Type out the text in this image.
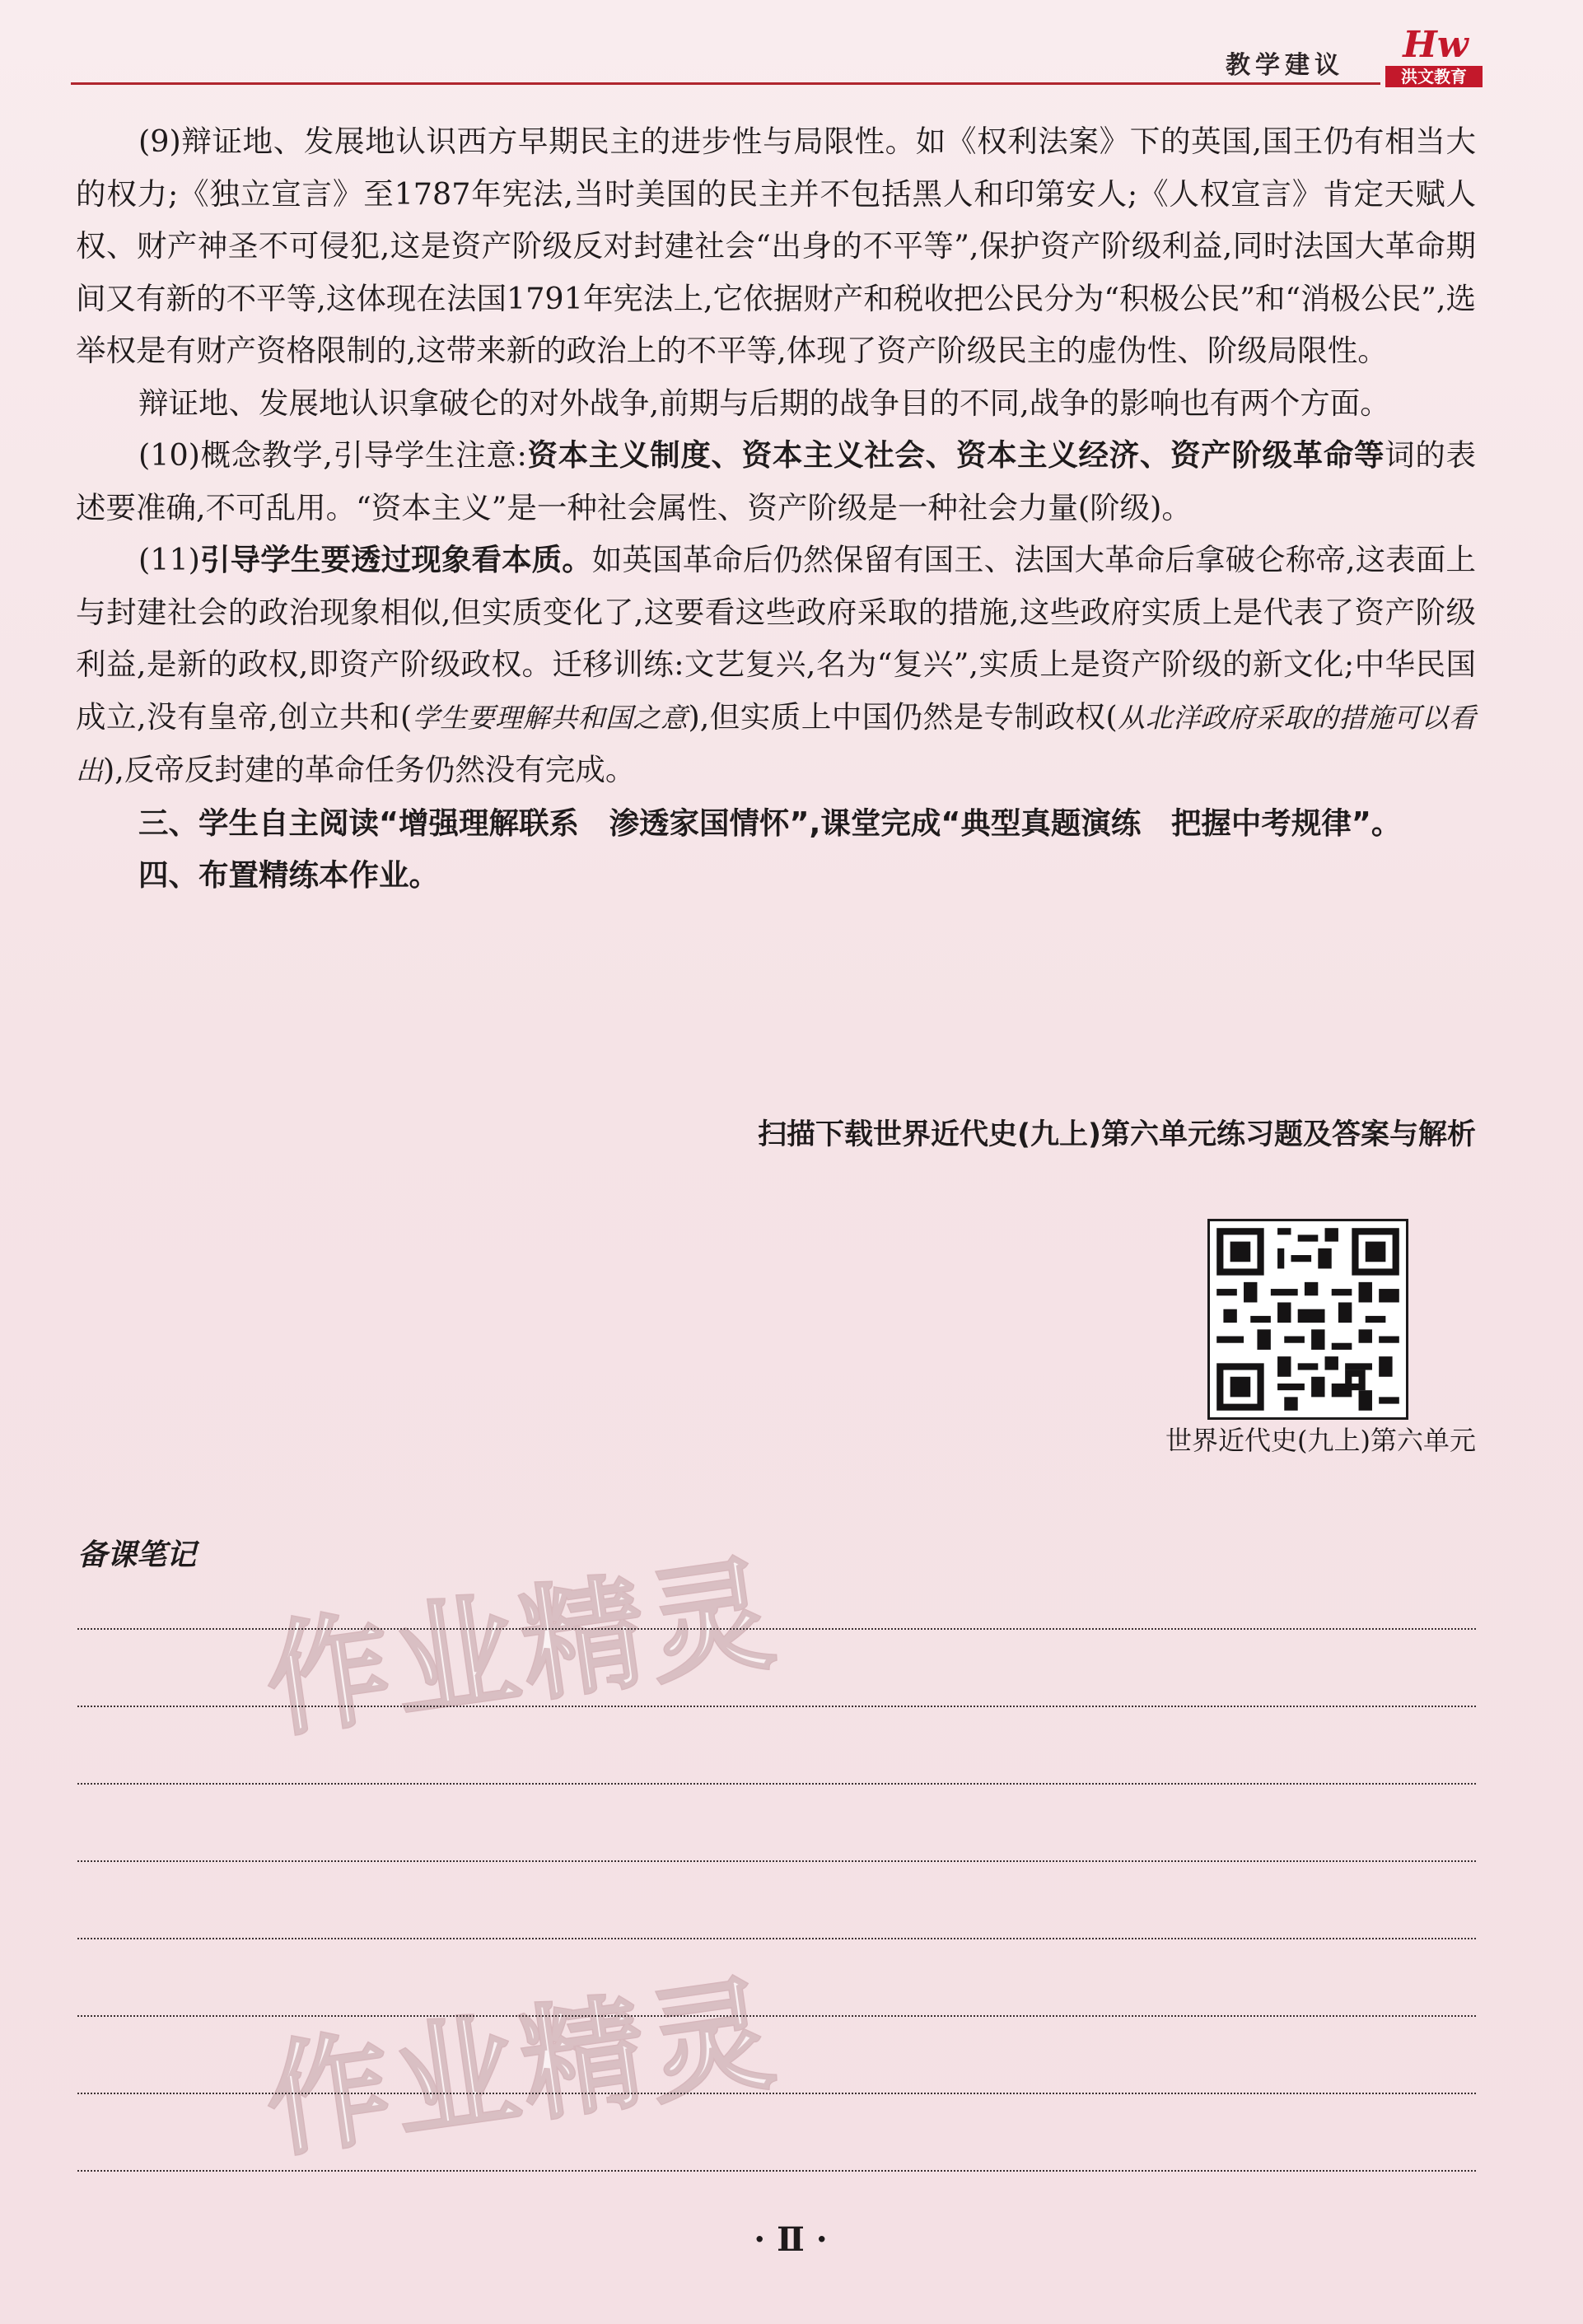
教学建议	Hw
洪文教育
作业精灵
作业精灵

(9)辩证地、发展地认识西方早期民主的进步性与局限性。如《权利法案》下的英国,国王仍有相当大的权力;《独立宣言》至1787年宪法,当时美国的民主并不包括黑人和印第安人;《人权宣言》肯定天赋人权、财产神圣不可侵犯,这是资产阶级反对封建社会“出身的不平等”,保护资产阶级利益,同时法国大革命期间又有新的不平等,这体现在法国1791年宪法上,它依据财产和税收把公民分为“积极公民”和“消极公民”,选举权是有财产资格限制的,这带来新的政治上的不平等,体现了资产阶级民主的虚伪性、阶级局限性。

辩证地、发展地认识拿破仑的对外战争,前期与后期的战争目的不同,战争的影响也有两个方面。

(10)概念教学,引导学生注意:资本主义制度、资本主义社会、资本主义经济、资产阶级革命等词的表述要准确,不可乱用。“资本主义”是一种社会属性、资产阶级是一种社会力量(阶级)。

(11)引导学生要透过现象看本质。如英国革命后仍然保留有国王、法国大革命后拿破仑称帝,这表面上与封建社会的政治现象相似,但实质变化了,这要看这些政府采取的措施,这些政府实质上是代表了资产阶级利益,是新的政权,即资产阶级政权。迁移训练:文艺复兴,名为“复兴”,实质上是资产阶级的新文化;中华民国成立,没有皇帝,创立共和(学生要理解共和国之意),但实质上中国仍然是专制政权(从北洋政府采取的措施可以看出),反帝反封建的革命任务仍然没有完成。

三、学生自主阅读“增强理解联系　渗透家国情怀”,课堂完成“典型真题演练　把握中考规律”。

四、布置精练本作业。

扫描下载世界近代史(九上)第六单元练习题及答案与解析
世界近代史(九上)第六单元
备课笔记
· Ⅱ ·
